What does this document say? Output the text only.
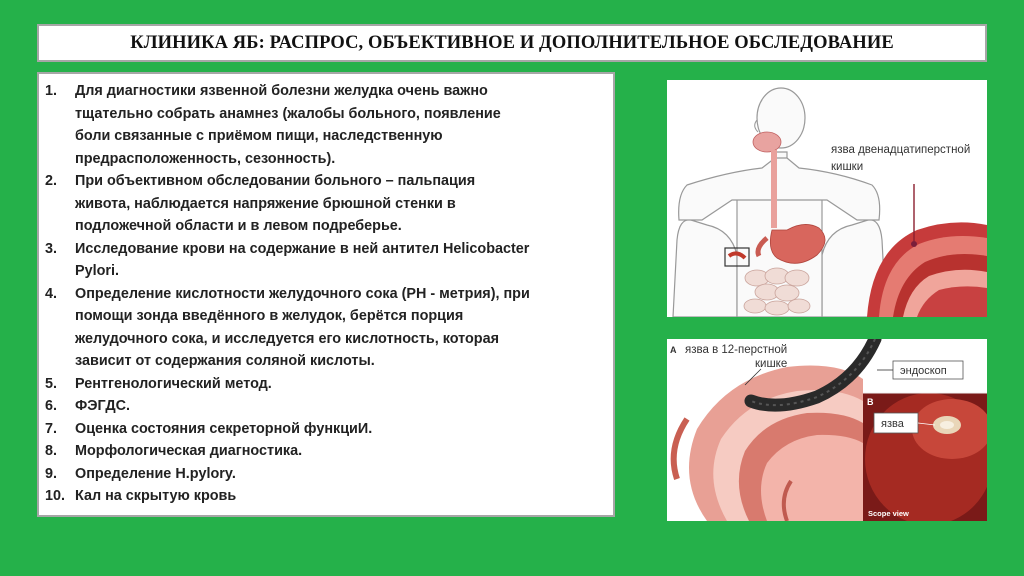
КЛИНИКА ЯБ: РАСПРОС, ОБЪЕКТИВНОЕ И ДОПОЛНИТЕЛЬНОЕ ОБСЛЕДОВАНИЕ
1.	Для диагностики язвенной болезни желудка очень важно
тщательно собрать анамнез (жалобы больного, появление
боли связанные с приёмом пищи, наследственную
предрасположенность, сезонность).
2.	При объективном обследовании больного – пальпация
живота, наблюдается напряжение брюшной стенки в
подложечной области и в левом подреберье.
3.	Исследование крови на содержание в ней антител Helicobacter
Pylori.
4.	Определение кислотности желудочного сока (РН - метрия), при
помощи зонда введённого в желудок, берётся порция
желудочного сока, и исследуется его кислотность, которая
зависит от содержания соляной кислоты.
5.	Рентгенологический метод.
6.	ФЭГДС.
7.	Оценка состояния секреторной функциИ.
8.	Морфологическая диагностика.
9.	Определение H.pylory.
10. Кал на скрытую кровь
язва двенадцатиперстной
кишки
A язва в 12-перстной
кишке
эндоскоп
B
язва
Scope view
